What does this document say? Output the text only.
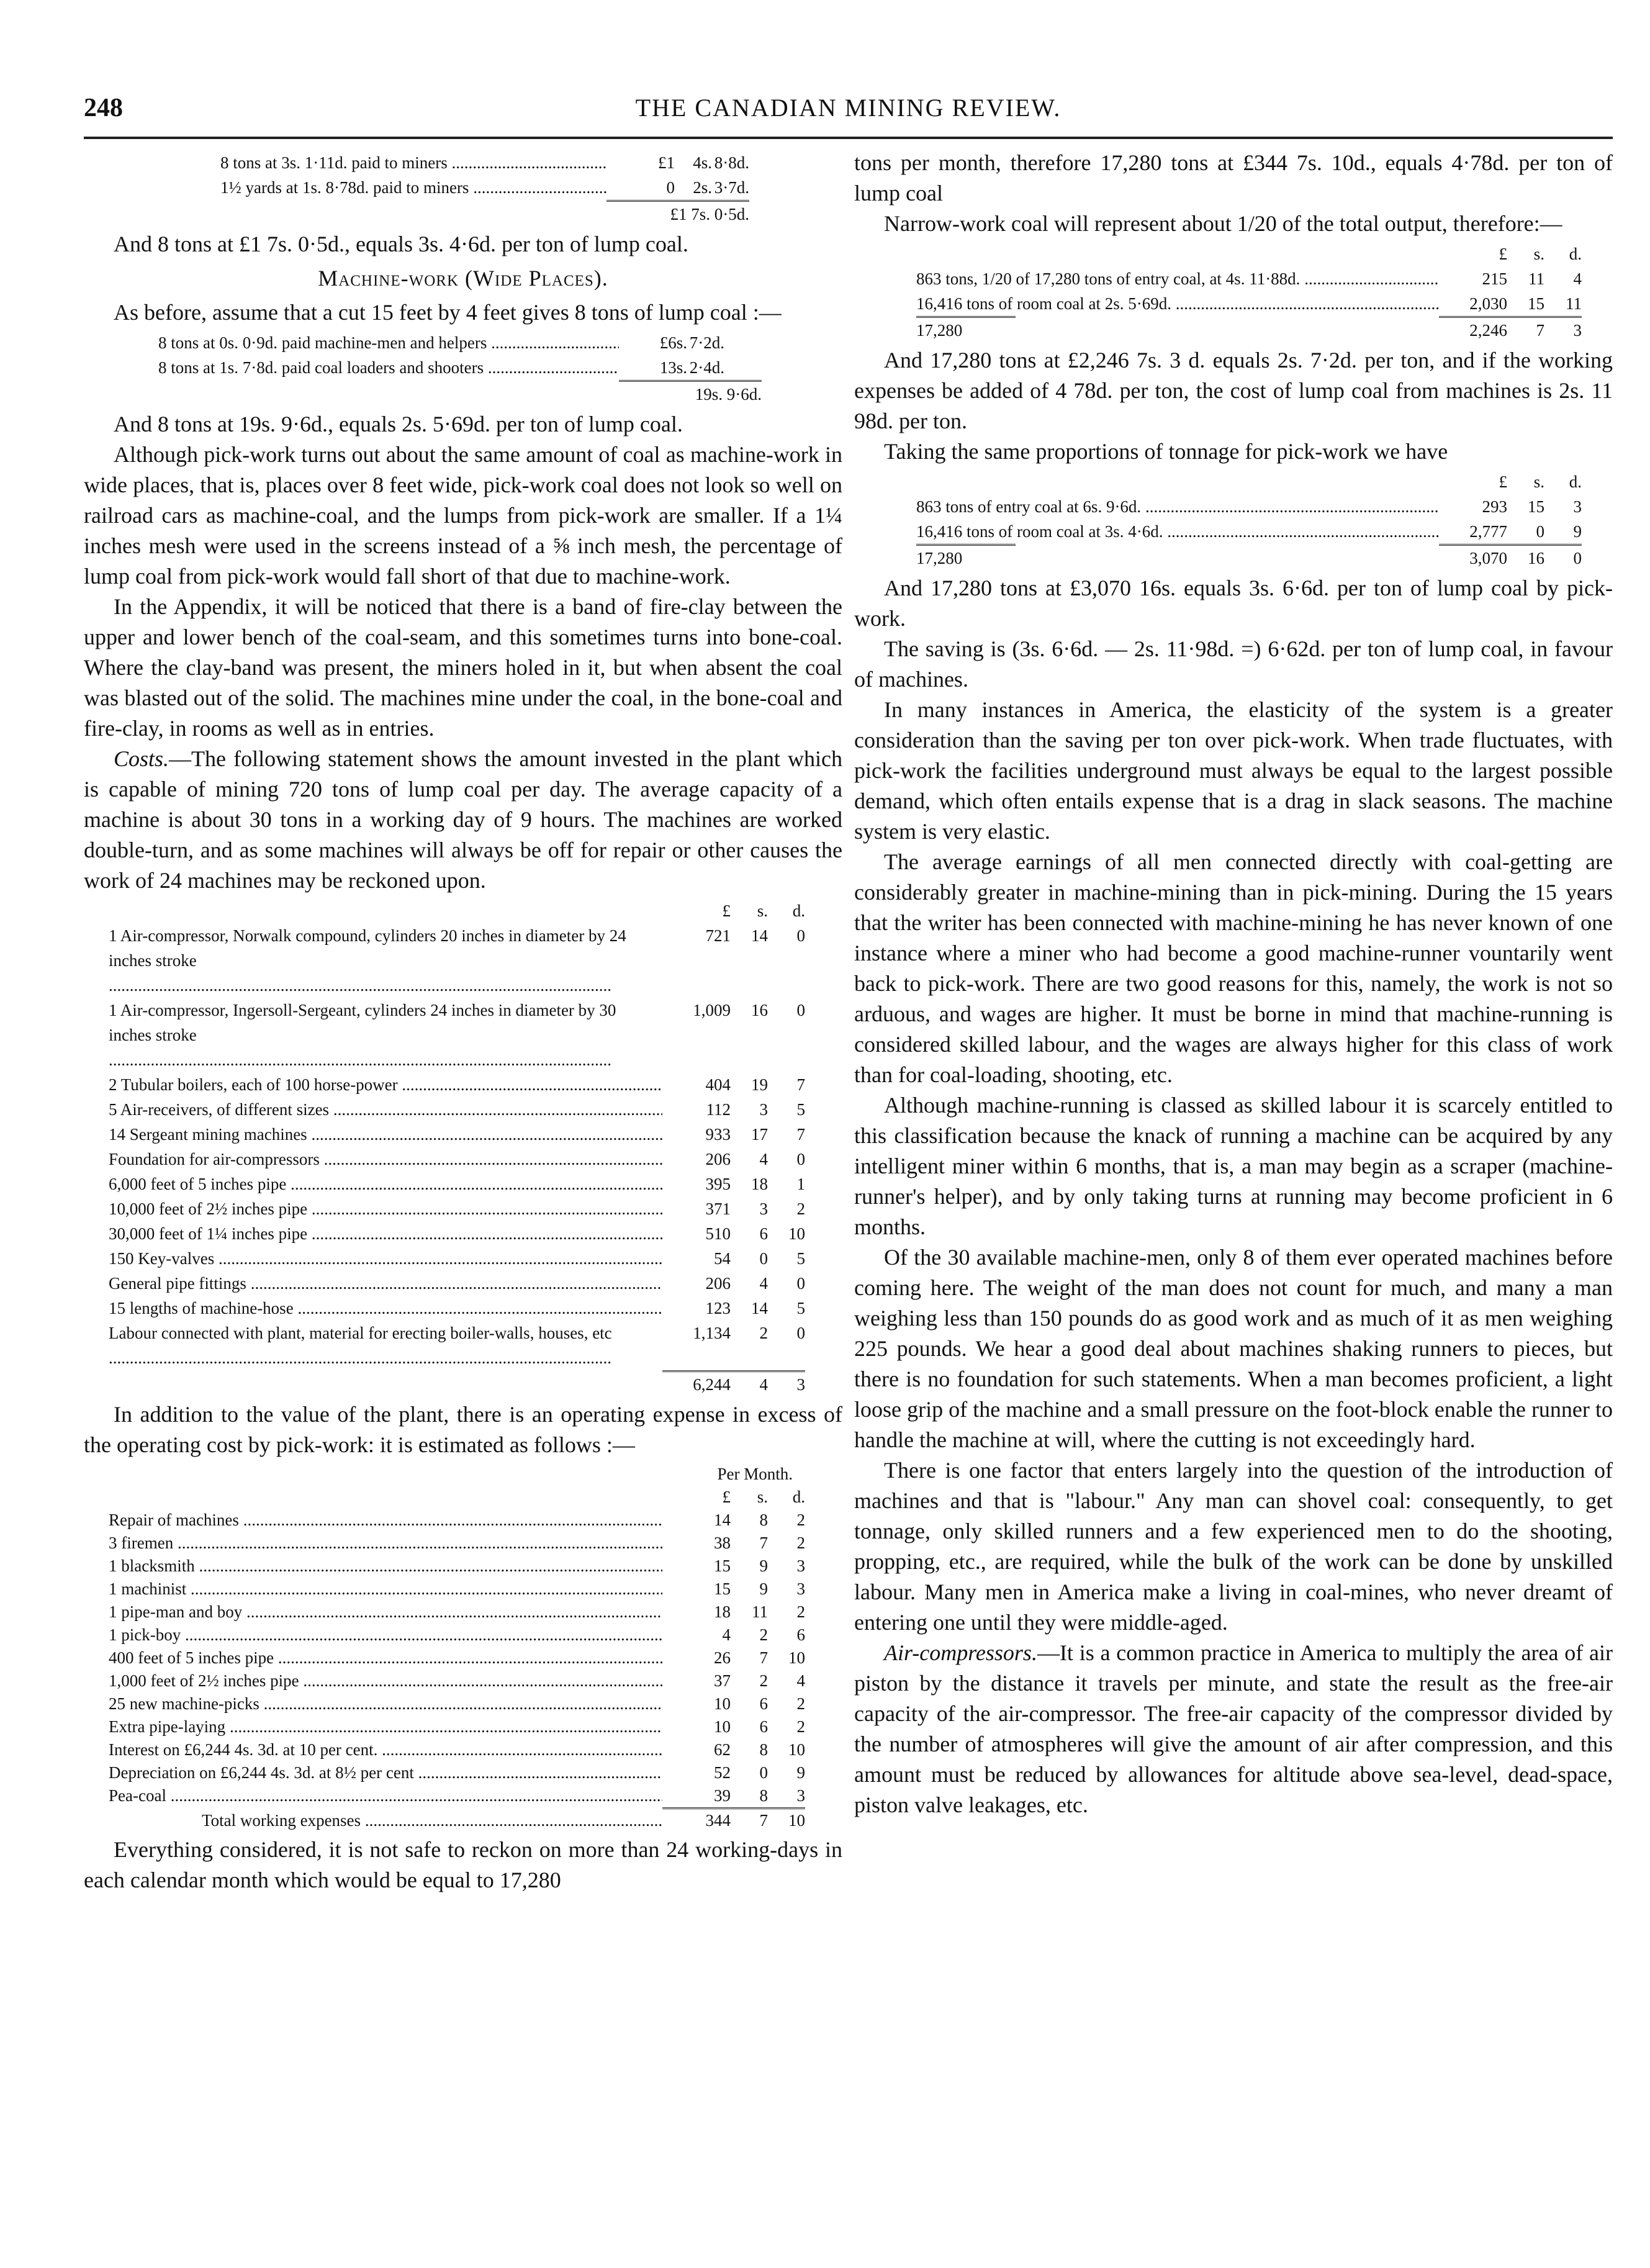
248	THE CANADIAN MINING REVIEW.
8 tons at 3s. 1·11d. paid to miners .....	£1	4s. 8·8d.
1½ yards at 1s. 8·78d. paid to miners .....	0	2s. 3·7d.
£1 7s. 0·5d.

And 8 tons at £1 7s. 0·5d., equals 3s. 4·6d. per ton of lump coal.

Machine-work (Wide Places).

As before, assume that a cut 15 feet by 4 feet gives 8 tons of lump coal :—

8 tons at 0s. 0·9d. paid machine-men and helpers .....	£6s. 7·2d.
8 tons at 1s. 7·8d. paid coal loaders and shooters .....	13s. 2·4d.
19s. 9·6d.

And 8 tons at 19s. 9·6d., equals 2s. 5·69d. per ton of lump coal.

Although pick-work turns out about the same amount of coal as machine-work in wide places, that is, places over 8 feet wide, pick-work coal does not look so well on railroad cars as machine-coal, and the lumps from pick-work are smaller. If a 1¼ inches mesh were used in the screens instead of a ⅝ inch mesh, the percentage of lump coal from pick-work would fall short of that due to machine-work.

In the Appendix, it will be noticed that there is a band of fire-clay between the upper and lower bench of the coal-seam, and this sometimes turns into bone-coal. Where the clay-band was present, the miners holed in it, but when absent the coal was blasted out of the solid. The machines mine under the coal, in the bone-coal and fire-clay, in rooms as well as in entries.

Costs.—The following statement shows the amount invested in the plant which is capable of mining 720 tons of lump coal per day. The average capacity of a machine is about 30 tons in a working day of 9 hours. The machines are worked double-turn, and as some machines will always be off for repair or other causes the work of 24 machines may be reckoned upon.

£	s.	d.
1 Air-compressor, Norwalk compound, cylinders 20 inches in diameter by 24 inches stroke .....
721	14	0
1 Air-compressor, Ingersoll-Sergeant, cylinders 24 inches in diameter by 30 inches stroke .....
1,009	16	0
2 Tubular boilers, each of 100 horse-power .....	404	19	7
5 Air-receivers, of different sizes .....	112	3	5
14 Sergeant mining machines .....	933	17	7
Foundation for air-compressors .....	206	4	0
6,000 feet of 5 inches pipe .....	395	18	1
10,000 feet of 2½ inches pipe .....	371	3	2
30,000 feet of 1¼ inches pipe .....	510	6	10
150 Key-valves .....	54	0	5
General pipe fittings .....	206	4	0
15 lengths of machine-hose .....	123	14	5
Labour connected with plant, material for erecting boiler-walls, houses, etc .....	1,134	2	0
6,244	4	3

In addition to the value of the plant, there is an operating expense in excess of the operating cost by pick-work: it is estimated as follows :—

Per Month.
£	s.	d.
Repair of machines .....	14	8	2
3 firemen .....	38	7	2
1 blacksmith .....	15	9	3
1 machinist .....	15	9	3
1 pipe-man and boy .....	18	11	2
1 pick-boy .....	4	2	6
400 feet of 5 inches pipe .....	26	7	10
1,000 feet of 2½ inches pipe .....	37	2	4
25 new machine-picks .....	10	6	2
Extra pipe-laying .....	10	6	2
Interest on £6,244 4s. 3d. at 10 per cent. .....	62	8	10
Depreciation on £6,244 4s. 3d. at 8½ per cent .....	52	0	9
Pea-coal .....	39	8	3
Total working expenses .....	344	7	10

Everything considered, it is not safe to reckon on more than 24 working-days in each calendar month which would be equal to 17,280

tons per month, therefore 17,280 tons at £344 7s. 10d., equals 4·78d. per ton of lump coal

Narrow-work coal will represent about 1/20 of the total output, therefore:—

£	s.	d.
863 tons, 1/20 of 17,280 tons of entry coal, at 4s. 11·88d. .....	215	11	4
16,416 tons of room coal at 2s. 5·69d. .....	2,030	15	11
17,280	2,246	7	3

And 17,280 tons at £2,246 7s. 3 d. equals 2s. 7·2d. per ton, and if the working expenses be added of 4 78d. per ton, the cost of lump coal from machines is 2s. 11 98d. per ton.

Taking the same proportions of tonnage for pick-work we have

£	s.	d.
863 tons of entry coal at 6s. 9·6d. .....	293	15	3
16,416 tons of room coal at 3s. 4·6d. .....	2,777	0	9
17,280	3,070	16	0

And 17,280 tons at £3,070 16s. equals 3s. 6·6d. per ton of lump coal by pick-work.

The saving is (3s. 6·6d. — 2s. 11·98d. =) 6·62d. per ton of lump coal, in favour of machines.

In many instances in America, the elasticity of the system is a greater consideration than the saving per ton over pick-work. When trade fluctuates, with pick-work the facilities underground must always be equal to the largest possible demand, which often entails expense that is a drag in slack seasons. The machine system is very elastic.

The average earnings of all men connected directly with coal-getting are considerably greater in machine-mining than in pick-mining. During the 15 years that the writer has been connected with machine-mining he has never known of one instance where a miner who had become a good machine-runner vountarily went back to pick-work. There are two good reasons for this, namely, the work is not so arduous, and wages are higher. It must be borne in mind that machine-running is considered skilled labour, and the wages are always higher for this class of work than for coal-loading, shooting, etc.

Although machine-running is classed as skilled labour it is scarcely entitled to this classification because the knack of running a machine can be acquired by any intelligent miner within 6 months, that is, a man may begin as a scraper (machine-runner's helper), and by only taking turns at running may become proficient in 6 months.

Of the 30 available machine-men, only 8 of them ever operated machines before coming here. The weight of the man does not count for much, and many a man weighing less than 150 pounds do as good work and as much of it as men weighing 225 pounds. We hear a good deal about machines shaking runners to pieces, but there is no foundation for such statements. When a man becomes proficient, a light loose grip of the machine and a small pressure on the foot-block enable the runner to handle the machine at will, where the cutting is not exceedingly hard.

There is one factor that enters largely into the question of the introduction of machines and that is "labour." Any man can shovel coal: consequently, to get tonnage, only skilled runners and a few experienced men to do the shooting, propping, etc., are required, while the bulk of the work can be done by unskilled labour. Many men in America make a living in coal-mines, who never dreamt of entering one until they were middle-aged.

Air-compressors.—It is a common practice in America to multiply the area of air piston by the distance it travels per minute, and state the result as the free-air capacity of the air-compressor. The free-air capacity of the compressor divided by the number of atmospheres will give the amount of air after compression, and this amount must be reduced by allowances for altitude above sea-level, dead-space, piston valve leakages, etc.
